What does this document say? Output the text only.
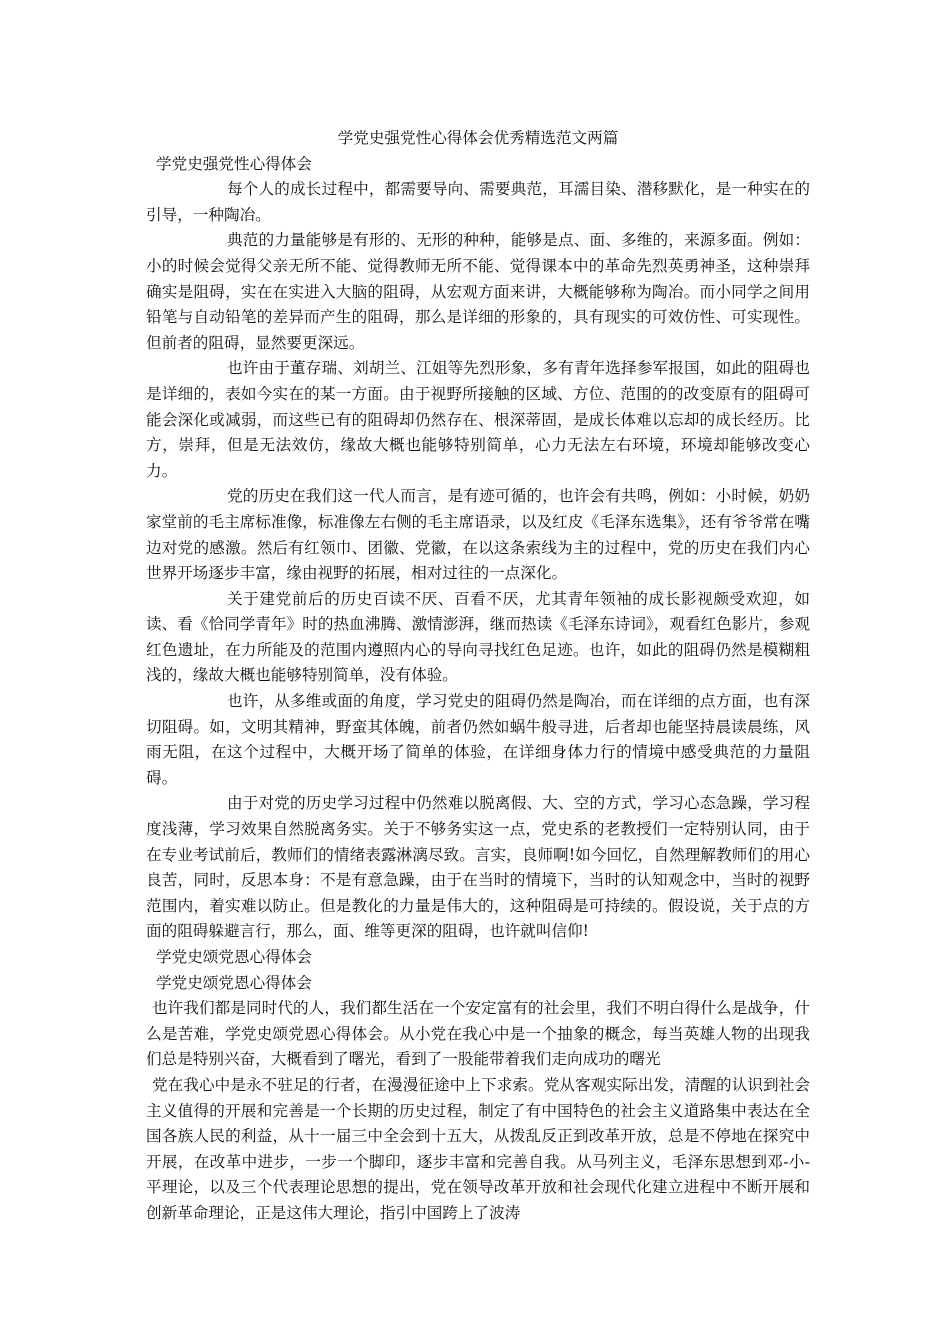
学党史强党性心得体会优秀精选范文两篇

学党史强党性心得体会

每个人的成长过程中，都需要导向、需要典范，耳濡目染、潜移默化，是一种实在的引导，一种陶冶。

典范的力量能够是有形的、无形的种种，能够是点、面、多维的，来源多面。例如：小的时候会觉得父亲无所不能、觉得教师无所不能、觉得课本中的革命先烈英勇神圣，这种崇拜确实是阻碍，实在在实进入大脑的阻碍，从宏观方面来讲，大概能够称为陶冶。而小同学之间用铅笔与自动铅笔的差异而产生的阻碍，那么是详细的形象的，具有现实的可效仿性、可实现性。但前者的阻碍，显然要更深远。

也许由于董存瑞、刘胡兰、江姐等先烈形象，多有青年选择参军报国，如此的阻碍也是详细的，表如今实在的某一方面。由于视野所接触的区域、方位、范围的的改变原有的阻碍可能会深化或减弱，而这些已有的阻碍却仍然存在、根深蒂固，是成长体难以忘却的成长经历。比方，崇拜，但是无法效仿，缘故大概也能够特别简单，心力无法左右环境，环境却能够改变心力。

党的历史在我们这一代人而言，是有迹可循的，也许会有共鸣，例如：小时候，奶奶家堂前的毛主席标准像，标准像左右侧的毛主席语录，以及红皮《毛泽东选集》，还有爷爷常在嘴边对党的感激。然后有红领巾、团徽、党徽，在以这条索线为主的过程中，党的历史在我们内心世界开场逐步丰富，缘由视野的拓展，相对过往的一点深化。

关于建党前后的历史百读不厌、百看不厌，尤其青年领袖的成长影视颇受欢迎，如读、看《恰同学青年》时的热血沸腾、激情澎湃，继而热读《毛泽东诗词》，观看红色影片，参观红色遗址，在力所能及的范围内遵照内心的导向寻找红色足迹。也许，如此的阻碍仍然是模糊粗浅的，缘故大概也能够特别简单，没有体验。

也许，从多维或面的角度，学习党史的阻碍仍然是陶冶，而在详细的点方面，也有深切阻碍。如，文明其精神，野蛮其体魄，前者仍然如蜗牛般寻进，后者却也能坚持晨读晨练，风雨无阻，在这个过程中，大概开场了简单的体验，在详细身体力行的情境中感受典范的力量阻碍。

由于对党的历史学习过程中仍然难以脱离假、大、空的方式，学习心态急躁，学习程度浅薄，学习效果自然脱离务实。关于不够务实这一点，党史系的老教授们一定特别认同，由于在专业考试前后，教师们的情绪表露淋漓尽致。言实，良师啊!如今回忆，自然理解教师们的用心良苦，同时，反思本身：不是有意急躁，由于在当时的情境下，当时的认知观念中，当时的视野范围内，着实难以防止。但是教化的力量是伟大的，这种阻碍是可持续的。假设说，关于点的方面的阻碍躲避言行，那么，面、维等更深的阻碍，也许就叫信仰!

学党史颂党恩心得体会

学党史颂党恩心得体会

也许我们都是同时代的人，我们都生活在一个安定富有的社会里，我们不明白得什么是战争，什么是苦难，学党史颂党恩心得体会。从小党在我心中是一个抽象的概念，每当英雄人物的出现我们总是特别兴奋，大概看到了曙光，看到了一股能带着我们走向成功的曙光

党在我心中是永不驻足的行者，在漫漫征途中上下求索。党从客观实际出发，清醒的认识到社会主义值得的开展和完善是一个长期的历史过程，制定了有中国特色的社会主义道路集中表达在全国各族人民的利益，从十一届三中全会到十五大，从拨乱反正到改革开放，总是不停地在探究中开展，在改革中进步，一步一个脚印，逐步丰富和完善自我。从马列主义，毛泽东思想到邓-小-平理论，以及三个代表理论思想的提出，党在领导改革开放和社会现代化建立进程中不断开展和创新革命理论，正是这伟大理论，指引中国跨上了波涛
